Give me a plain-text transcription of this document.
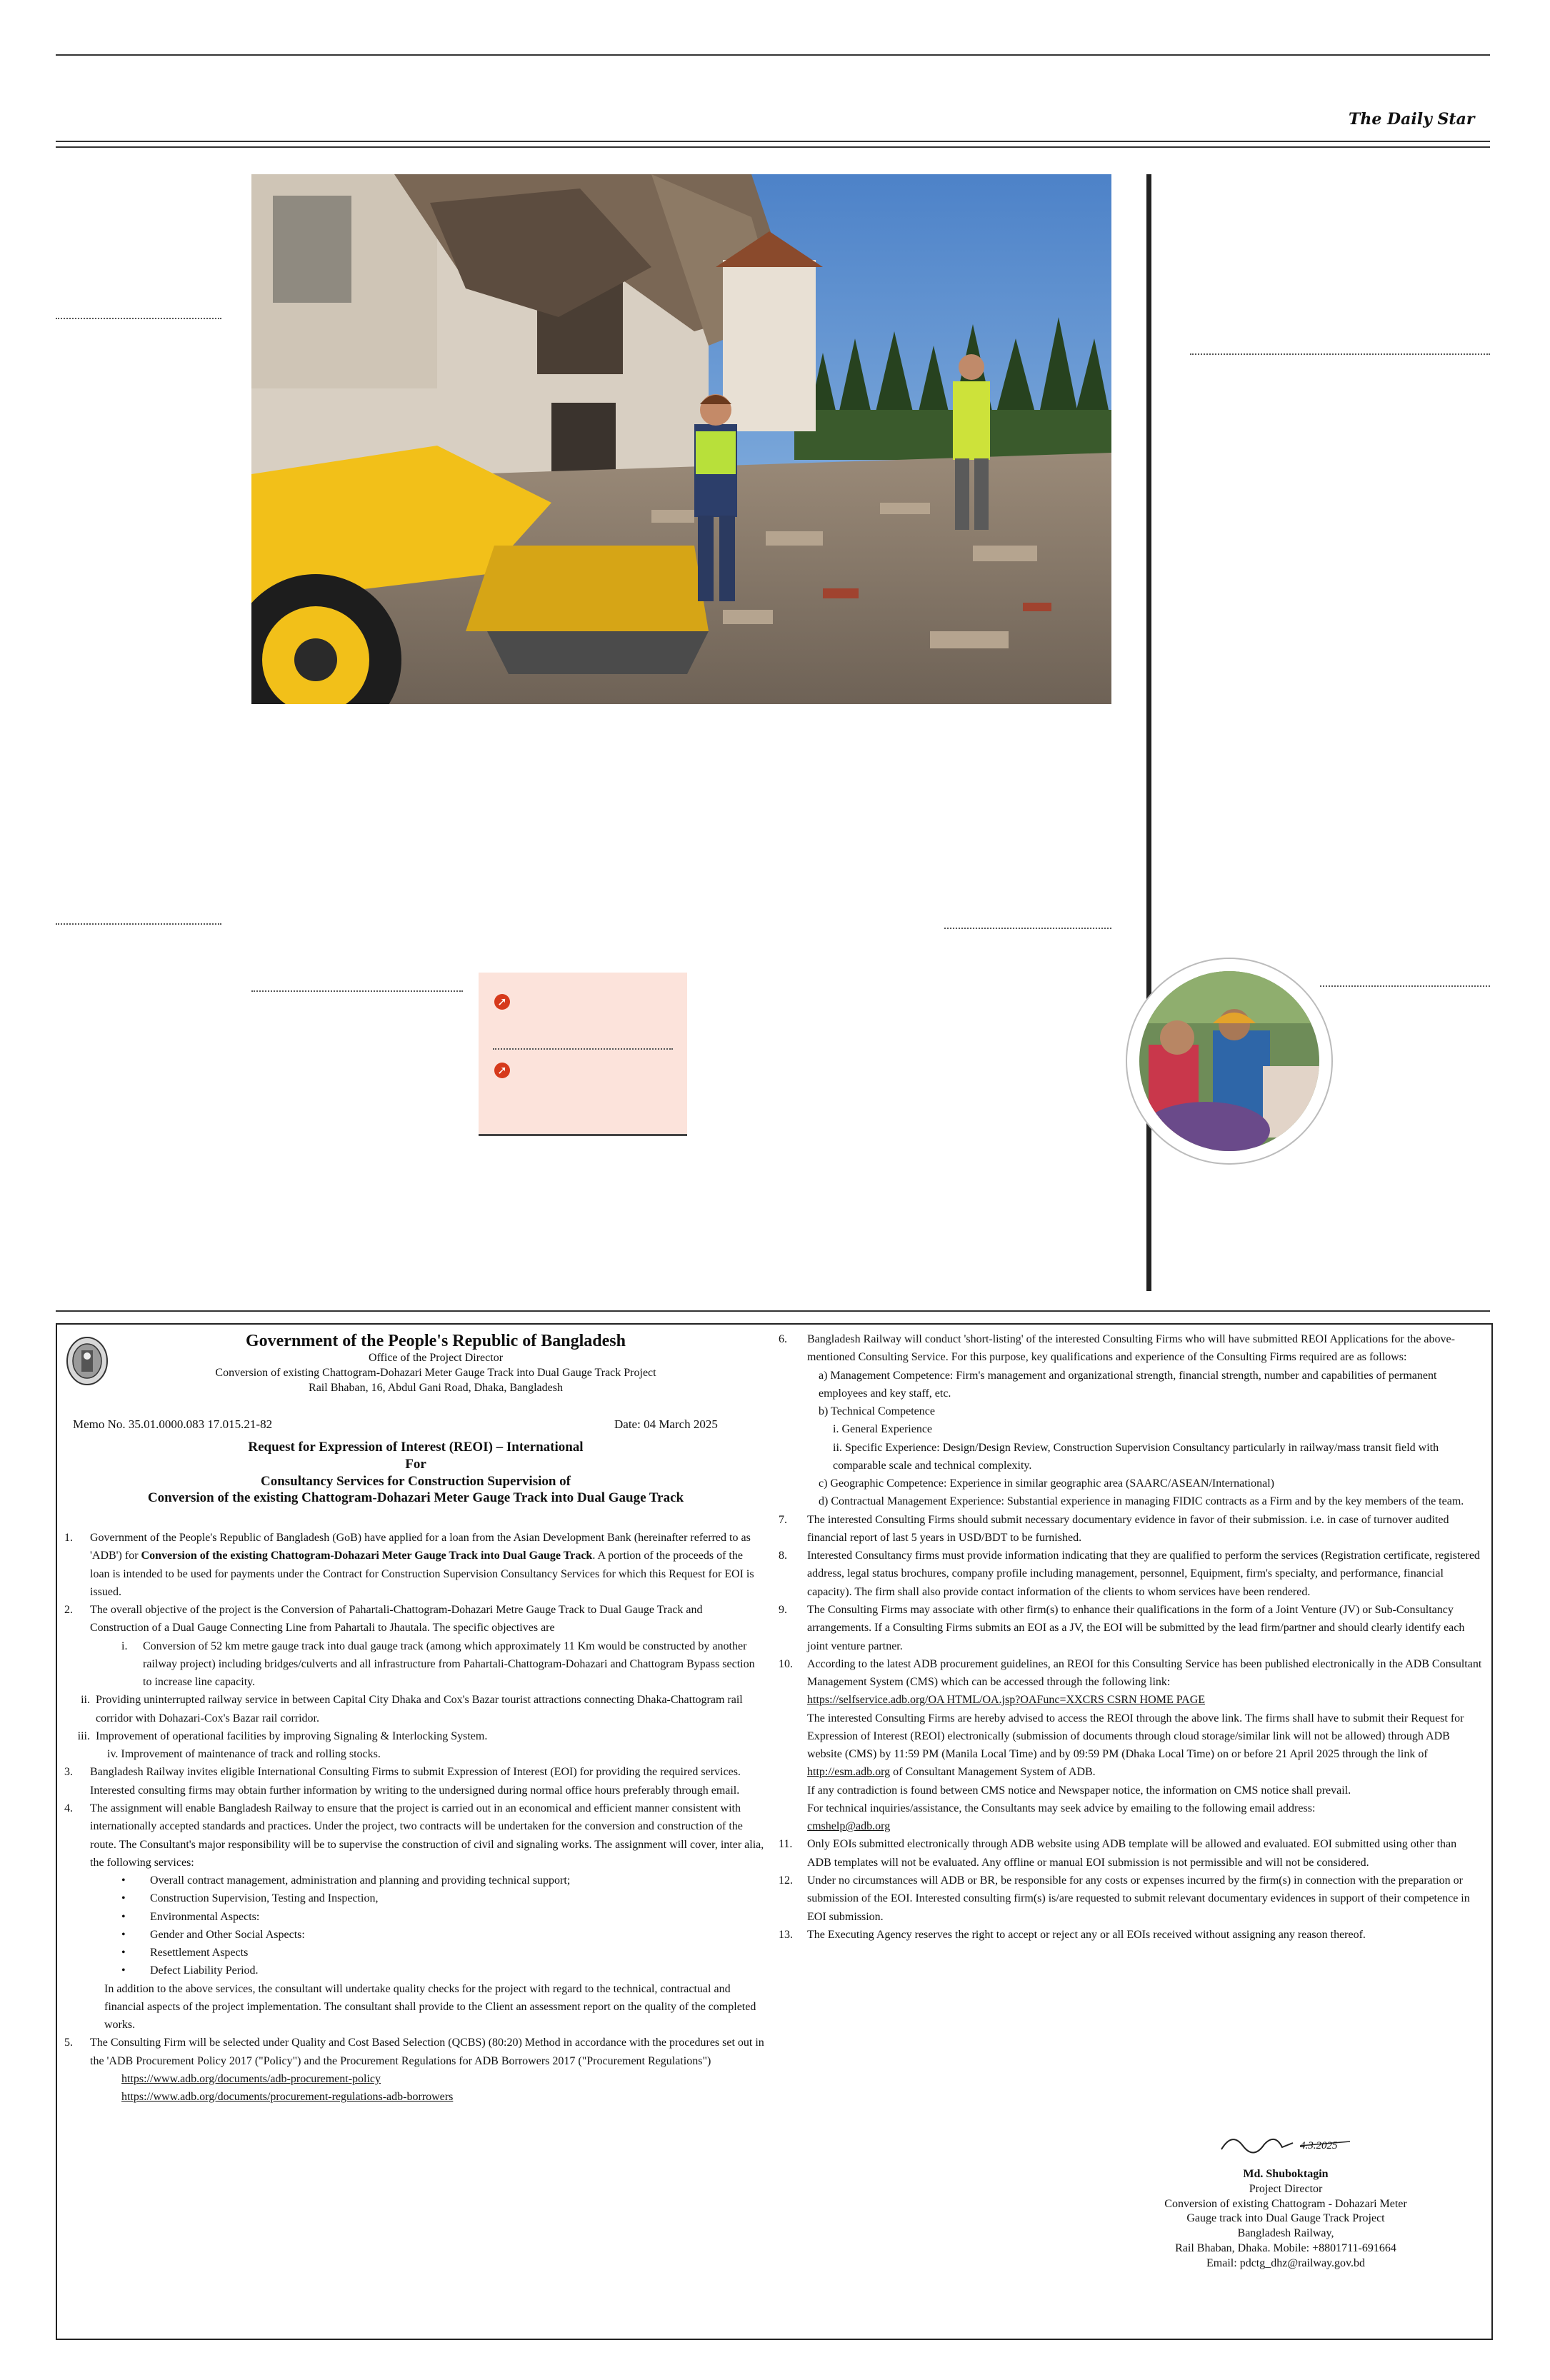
The Daily Star
➚
➚
Government of the People's Republic of Bangladesh
Office of the Project Director
Conversion of existing Chattogram-Dohazari Meter Gauge Track into Dual Gauge Track Project
Rail Bhaban, 16, Abdul Gani Road, Dhaka, Bangladesh
Memo No. 35.01.0000.083 17.015.21-82	Date: 04 March 2025
Request for Expression of Interest (REOI) – International
For
Consultancy Services for Construction Supervision of
Conversion of the existing Chattogram-Dohazari Meter Gauge Track into Dual Gauge Track
1.	Government of the People's Republic of Bangladesh (GoB) have applied for a loan from the Asian Development Bank (hereinafter referred to as 'ADB') for Conversion of the existing Chattogram-Dohazari Meter Gauge Track into Dual Gauge Track. A portion of the proceeds of the loan is intended to be used for payments under the Contract for Construction Supervision Consultancy Services for which this Request for EOI is issued.

2.	The overall objective of the project is the Conversion of Pahartali-Chattogram-Dohazari Metre Gauge Track to Dual Gauge Track and Construction of a Dual Gauge Connecting Line from Pahartali to Jhautala. The specific objectives are

i.	Conversion of 52 km metre gauge track into dual gauge track (among which approximately 11 Km would be constructed by another railway project) including bridges/culverts and all infrastructure from Pahartali-Chattogram-Dohazari and Chattogram Bypass section to increase line capacity.

ii. Providing uninterrupted railway service in between Capital City Dhaka and Cox's Bazar tourist attractions connecting Dhaka-Chattogram rail corridor with Dohazari-Cox's Bazar rail corridor.

iii. Improvement of operational facilities by improving Signaling & Interlocking System.

iv. Improvement of maintenance of track and rolling stocks.

3.	Bangladesh Railway invites eligible International Consulting Firms to submit Expression of Interest (EOI) for providing the required services. Interested consulting firms may obtain further information by writing to the undersigned during normal office hours preferably through email.

4.	The assignment will enable Bangladesh Railway to ensure that the project is carried out in an economical and efficient manner consistent with internationally accepted standards and practices. Under the project, two contracts will be undertaken for the conversion and construction of the route. The Consultant's major responsibility will be to supervise the construction of civil and signaling works. The assignment will cover, inter alia, the following services:

•	Overall contract management, administration and planning and providing technical support;

•	Construction Supervision, Testing and Inspection,

•	Environmental Aspects:

•	Gender and Other Social Aspects:

•	Resettlement Aspects

•	Defect Liability Period.

In addition to the above services, the consultant will undertake quality checks for the project with regard to the technical, contractual and financial aspects of the project implementation. The consultant shall provide to the Client an assessment report on the quality of the completed works.

5.	The Consulting Firm will be selected under Quality and Cost Based Selection (QCBS) (80:20) Method in accordance with the procedures set out in the 'ADB Procurement Policy 2017 ("Policy") and the Procurement Regulations for ADB Borrowers 2017 ("Procurement Regulations")

https://www.adb.org/documents/adb-procurement-policy

https://www.adb.org/documents/procurement-regulations-adb-borrowers

6.	Bangladesh Railway will conduct 'short-listing' of the interested Consulting Firms who will have submitted REOI Applications for the above-mentioned Consulting Service. For this purpose, key qualifications and experience of the Consulting Firms required are as follows:

a) Management Competence: Firm's management and organizational strength, financial strength, number and capabilities of permanent employees and key staff, etc.

b) Technical Competence

i. General Experience

ii. Specific Experience: Design/Design Review, Construction Supervision Consultancy particularly in railway/mass transit field with comparable scale and technical complexity.

c) Geographic Competence: Experience in similar geographic area (SAARC/ASEAN/International)

d) Contractual Management Experience: Substantial experience in managing FIDIC contracts as a Firm and by the key members of the team.

7.	The interested Consulting Firms should submit necessary documentary evidence in favor of their submission. i.e. in case of turnover audited financial report of last 5 years in USD/BDT to be furnished.

8.	Interested Consultancy firms must provide information indicating that they are qualified to perform the services (Registration certificate, registered address, legal status brochures, company profile including management, personnel, Equipment, firm's specialty, and performance, financial capacity). The firm shall also provide contact information of the clients to whom services have been rendered.

9.	The Consulting Firms may associate with other firm(s) to enhance their qualifications in the form of a Joint Venture (JV) or Sub-Consultancy arrangements. If a Consulting Firms submits an EOI as a JV, the EOI will be submitted by the lead firm/partner and should clearly identify each joint venture partner.

10.	According to the latest ADB procurement guidelines, an REOI for this Consulting Service has been published electronically in the ADB Consultant Management System (CMS) which can be accessed through the following link:

https://selfservice.adb.org/OA HTML/OA.jsp?OAFunc=XXCRS CSRN HOME PAGE

The interested Consulting Firms are hereby advised to access the REOI through the above link. The firms shall have to submit their Request for Expression of Interest (REOI) electronically (submission of documents through cloud storage/similar link will not be allowed) through ADB website (CMS) by 11:59 PM (Manila Local Time) and by 09:59 PM (Dhaka Local Time) on or before 21 April 2025 through the link of http://esm.adb.org of Consultant Management System of ADB.

If any contradiction is found between CMS notice and Newspaper notice, the information on CMS notice shall prevail.

For technical inquiries/assistance, the Consultants may seek advice by emailing to the following email address:

cmshelp@adb.org

11.	Only EOIs submitted electronically through ADB website using ADB template will be allowed and evaluated. EOI submitted using other than ADB templates will not be evaluated. Any offline or manual EOI submission is not permissible and will not be considered.

12.	Under no circumstances will ADB or BR, be responsible for any costs or expenses incurred by the firm(s) in connection with the preparation or submission of the EOI. Interested consulting firm(s) is/are requested to submit relevant documentary evidences in support of their competence in EOI submission.

13.	The Executing Agency reserves the right to accept or reject any or all EOIs received without assigning any reason thereof.

4.3.2025
Md. Shuboktagin
Project Director
Conversion of existing Chattogram - Dohazari Meter
Gauge track into Dual Gauge Track Project
Bangladesh Railway,
Rail Bhaban, Dhaka. Mobile: +8801711-691664
Email: pdctg_dhz@railway.gov.bd
